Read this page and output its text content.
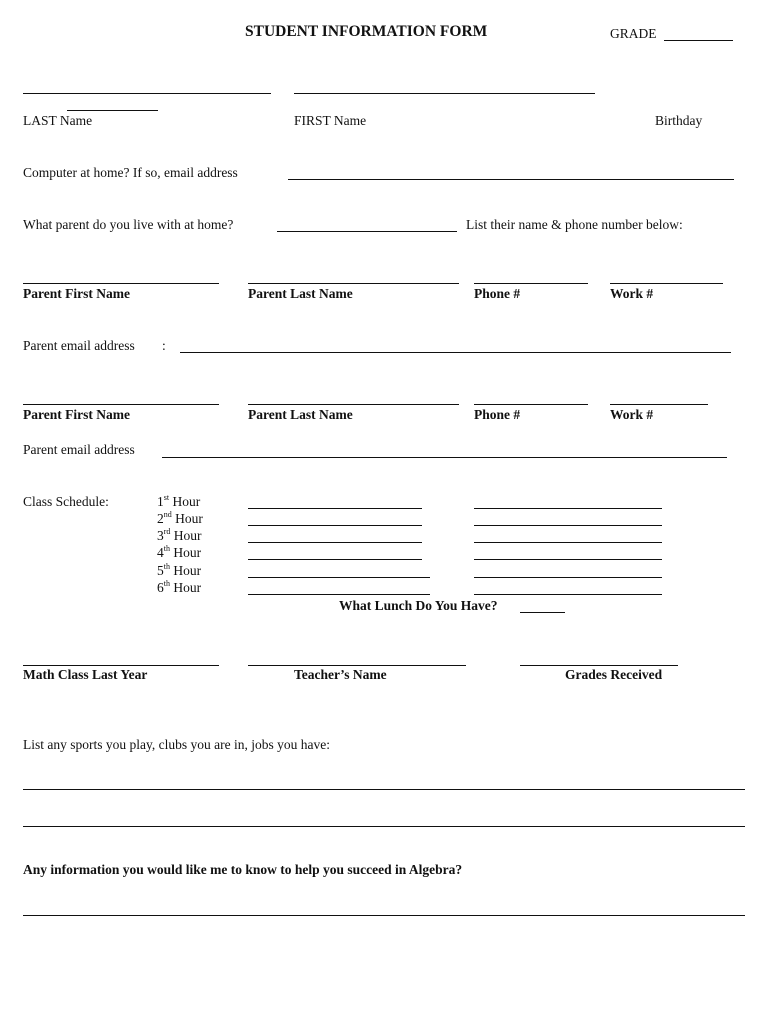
STUDENT INFORMATION FORM	GRADE
LAST Name	FIRST Name	Birthday
Computer at home? If so, email address
What parent do you live with at home?	List their name & phone number below:
Parent First Name	Parent Last Name	Phone #	Work #
Parent email address :
Parent First Name	Parent Last Name	Phone #	Work #
Parent email address
Class Schedule:	1st Hour
2nd Hour
3rd Hour
4th Hour
5th Hour
6th Hour
What Lunch Do You Have?
Math Class Last Year	Teacher’s Name	Grades Received
List any sports you play, clubs you are in, jobs you have:
Any information you would like me to know to help you succeed in Algebra?
